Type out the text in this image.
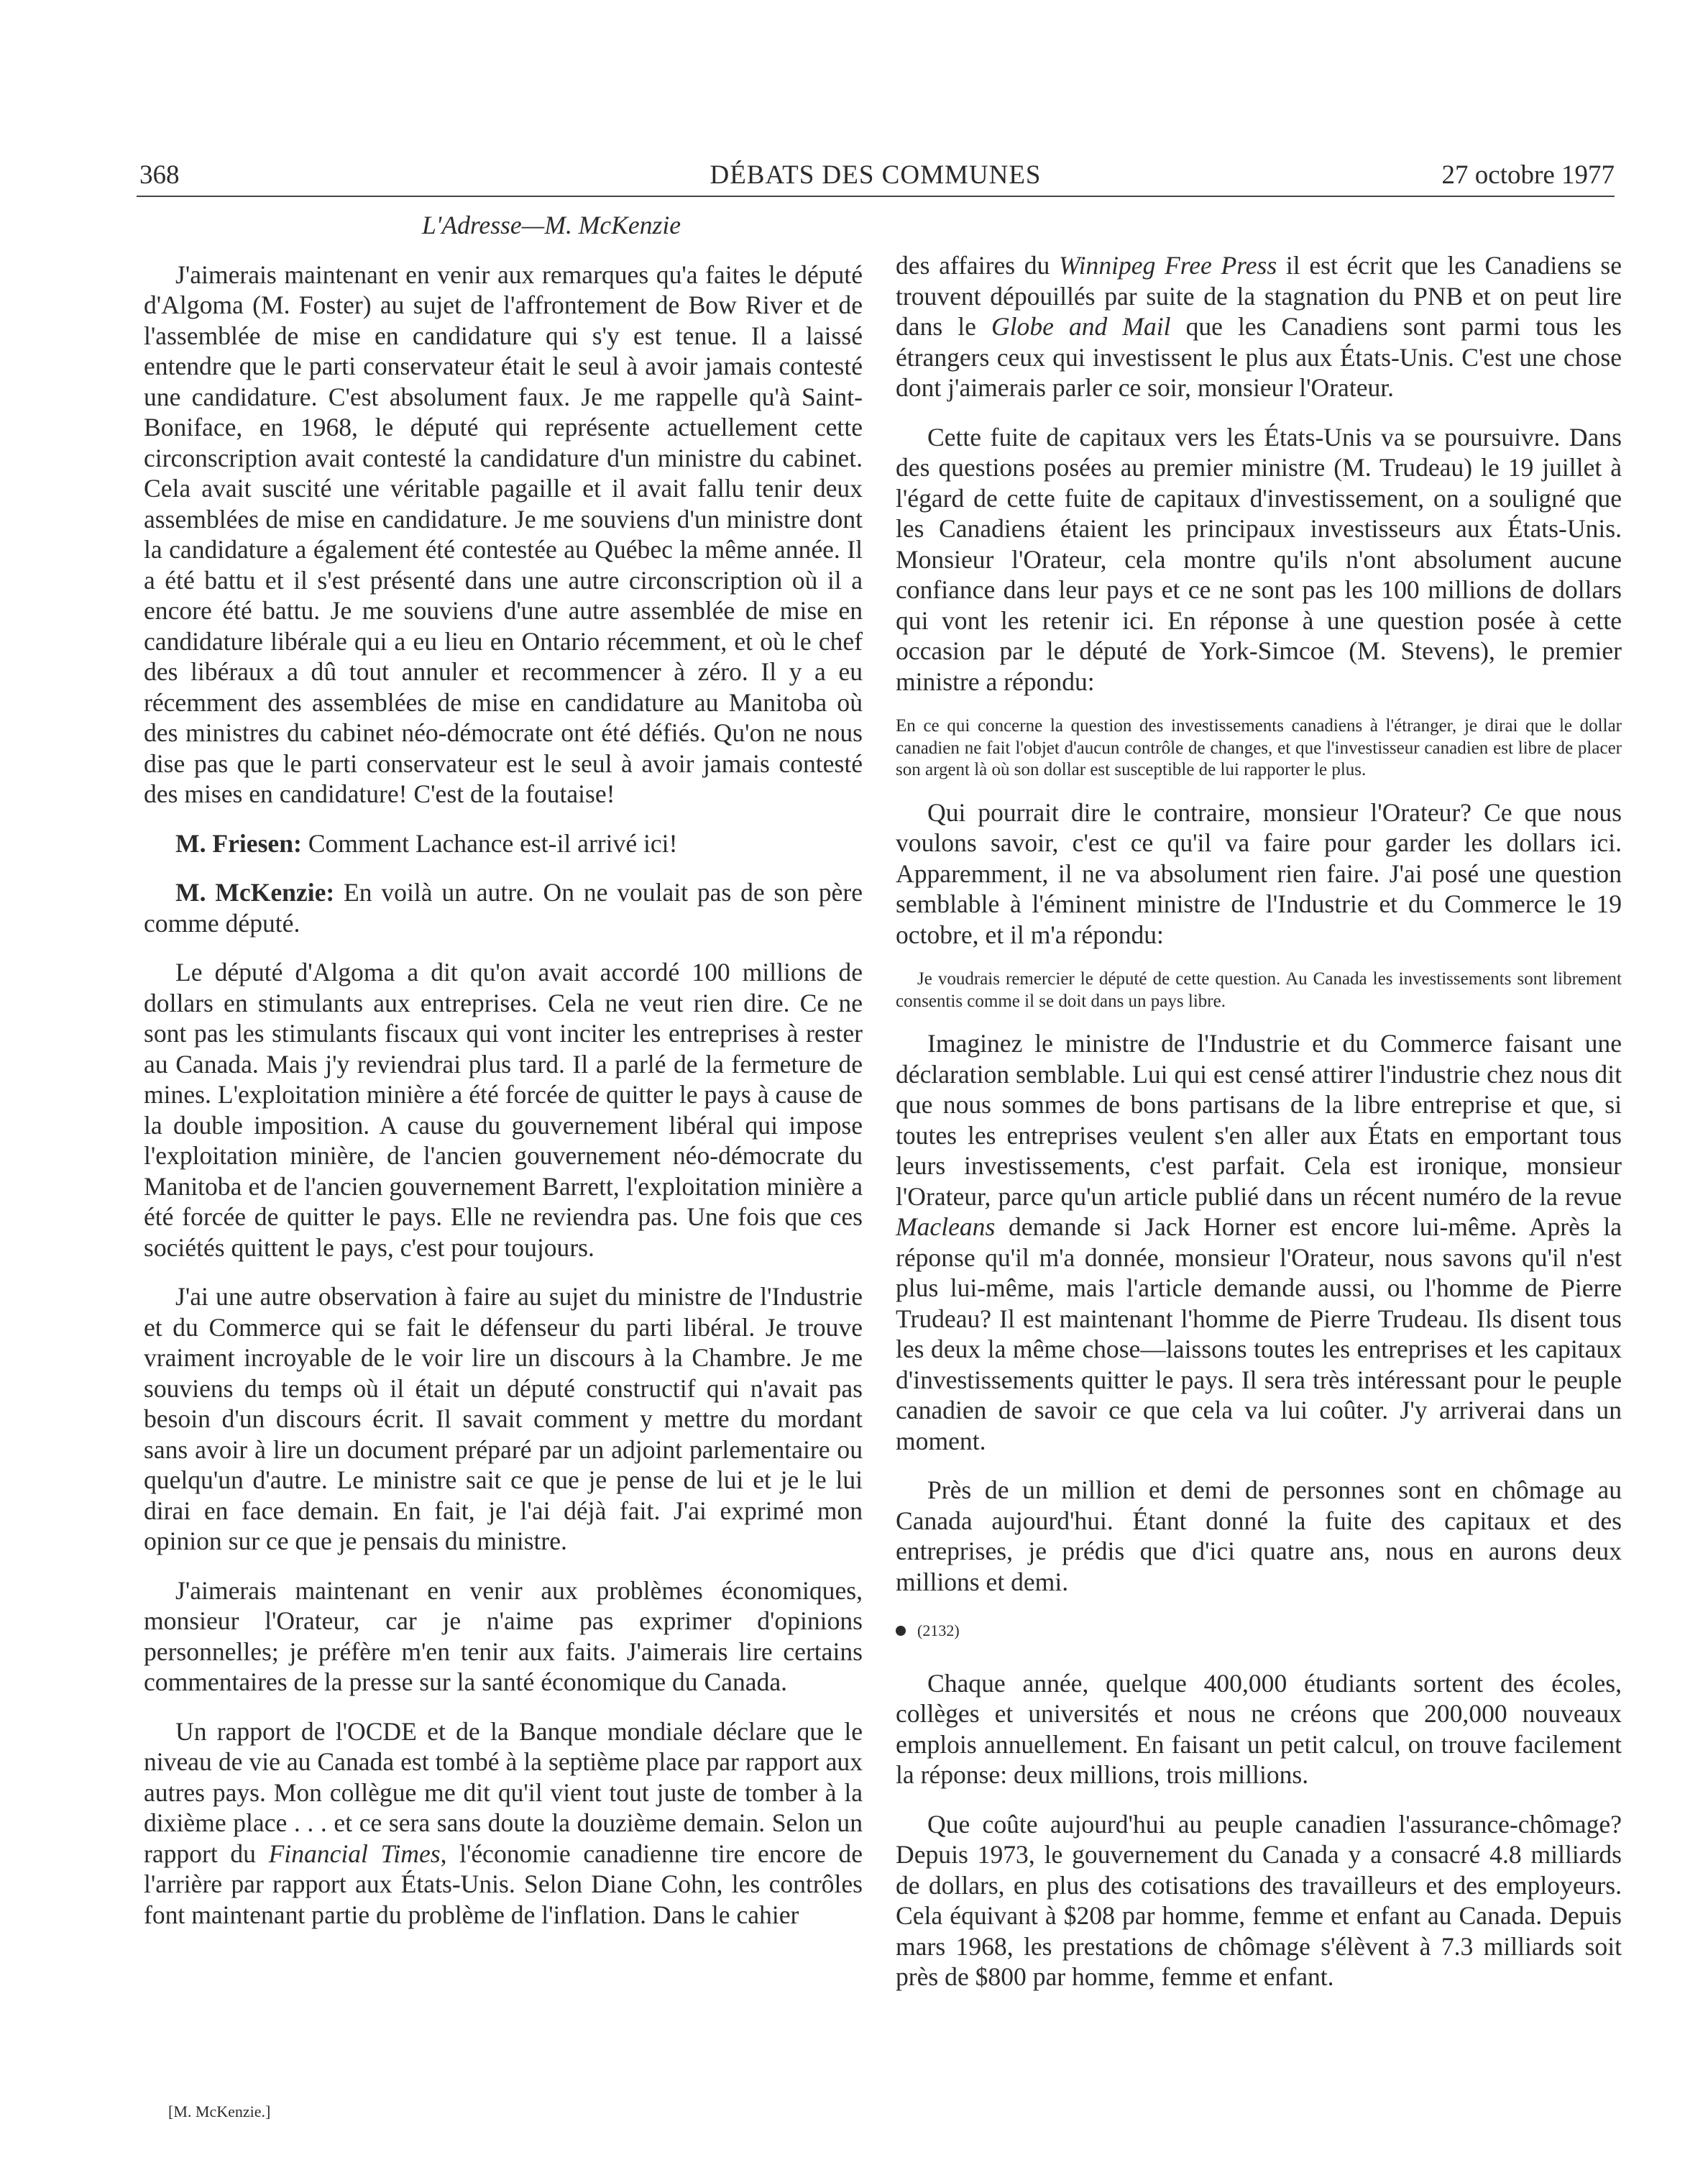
368	DÉBATS DES COMMUNES	27 octobre 1977

L'Adresse—M. McKenzie

J'aimerais maintenant en venir aux remarques qu'a faites le député d'Algoma (M. Foster) au sujet de l'affrontement de Bow River et de l'assemblée de mise en candidature qui s'y est tenue. Il a laissé entendre que le parti conservateur était le seul à avoir jamais contesté une candidature. C'est absolument faux. Je me rappelle qu'à Saint-Boniface, en 1968, le député qui représente actuellement cette circonscription avait contesté la candidature d'un ministre du cabinet. Cela avait suscité une véritable pagaille et il avait fallu tenir deux assemblées de mise en candidature. Je me souviens d'un ministre dont la candidature a également été contestée au Québec la même année. Il a été battu et il s'est présenté dans une autre circonscription où il a encore été battu. Je me souviens d'une autre assemblée de mise en candidature libérale qui a eu lieu en Ontario récemment, et où le chef des libéraux a dû tout annuler et recommencer à zéro. Il y a eu récemment des assemblées de mise en candidature au Manitoba où des ministres du cabinet néo-démocrate ont été défiés. Qu'on ne nous dise pas que le parti conservateur est le seul à avoir jamais contesté des mises en candidature! C'est de la foutaise!

M. Friesen: Comment Lachance est-il arrivé ici!

M. McKenzie: En voilà un autre. On ne voulait pas de son père comme député.

Le député d'Algoma a dit qu'on avait accordé 100 millions de dollars en stimulants aux entreprises. Cela ne veut rien dire. Ce ne sont pas les stimulants fiscaux qui vont inciter les entreprises à rester au Canada. Mais j'y reviendrai plus tard. Il a parlé de la fermeture de mines. L'exploitation minière a été forcée de quitter le pays à cause de la double imposition. A cause du gouvernement libéral qui impose l'exploitation minière, de l'ancien gouvernement néo-démocrate du Manitoba et de l'ancien gouvernement Barrett, l'exploitation minière a été forcée de quitter le pays. Elle ne reviendra pas. Une fois que ces sociétés quittent le pays, c'est pour toujours.

J'ai une autre observation à faire au sujet du ministre de l'Industrie et du Commerce qui se fait le défenseur du parti libéral. Je trouve vraiment incroyable de le voir lire un discours à la Chambre. Je me souviens du temps où il était un député constructif qui n'avait pas besoin d'un discours écrit. Il savait comment y mettre du mordant sans avoir à lire un document préparé par un adjoint parlementaire ou quelqu'un d'autre. Le ministre sait ce que je pense de lui et je le lui dirai en face demain. En fait, je l'ai déjà fait. J'ai exprimé mon opinion sur ce que je pensais du ministre.

J'aimerais maintenant en venir aux problèmes économiques, monsieur l'Orateur, car je n'aime pas exprimer d'opinions personnelles; je préfère m'en tenir aux faits. J'aimerais lire certains commentaires de la presse sur la santé économique du Canada.

Un rapport de l'OCDE et de la Banque mondiale déclare que le niveau de vie au Canada est tombé à la septième place par rapport aux autres pays. Mon collègue me dit qu'il vient tout juste de tomber à la dixième place . . . et ce sera sans doute la douzième demain. Selon un rapport du Financial Times, l'économie canadienne tire encore de l'arrière par rapport aux États-Unis. Selon Diane Cohn, les contrôles font maintenant partie du problème de l'inflation. Dans le cahier

des affaires du Winnipeg Free Press il est écrit que les Canadiens se trouvent dépouillés par suite de la stagnation du PNB et on peut lire dans le Globe and Mail que les Canadiens sont parmi tous les étrangers ceux qui investissent le plus aux États-Unis. C'est une chose dont j'aimerais parler ce soir, monsieur l'Orateur.

Cette fuite de capitaux vers les États-Unis va se poursuivre. Dans des questions posées au premier ministre (M. Trudeau) le 19 juillet à l'égard de cette fuite de capitaux d'investissement, on a souligné que les Canadiens étaient les principaux investisseurs aux États-Unis. Monsieur l'Orateur, cela montre qu'ils n'ont absolument aucune confiance dans leur pays et ce ne sont pas les 100 millions de dollars qui vont les retenir ici. En réponse à une question posée à cette occasion par le député de York-Simcoe (M. Stevens), le premier ministre a répondu:

En ce qui concerne la question des investissements canadiens à l'étranger, je dirai que le dollar canadien ne fait l'objet d'aucun contrôle de changes, et que l'investisseur canadien est libre de placer son argent là où son dollar est susceptible de lui rapporter le plus.

Qui pourrait dire le contraire, monsieur l'Orateur? Ce que nous voulons savoir, c'est ce qu'il va faire pour garder les dollars ici. Apparemment, il ne va absolument rien faire. J'ai posé une question semblable à l'éminent ministre de l'Industrie et du Commerce le 19 octobre, et il m'a répondu:

Je voudrais remercier le député de cette question. Au Canada les investissements sont librement consentis comme il se doit dans un pays libre.

Imaginez le ministre de l'Industrie et du Commerce faisant une déclaration semblable. Lui qui est censé attirer l'industrie chez nous dit que nous sommes de bons partisans de la libre entreprise et que, si toutes les entreprises veulent s'en aller aux États en emportant tous leurs investissements, c'est parfait. Cela est ironique, monsieur l'Orateur, parce qu'un article publié dans un récent numéro de la revue Macleans demande si Jack Horner est encore lui-même. Après la réponse qu'il m'a donnée, monsieur l'Orateur, nous savons qu'il n'est plus lui-même, mais l'article demande aussi, ou l'homme de Pierre Trudeau? Il est maintenant l'homme de Pierre Trudeau. Ils disent tous les deux la même chose—laissons toutes les entreprises et les capitaux d'investissements quitter le pays. Il sera très intéressant pour le peuple canadien de savoir ce que cela va lui coûter. J'y arriverai dans un moment.

Près de un million et demi de personnes sont en chômage au Canada aujourd'hui. Étant donné la fuite des capitaux et des entreprises, je prédis que d'ici quatre ans, nous en aurons deux millions et demi.

(2132)

Chaque année, quelque 400,000 étudiants sortent des écoles, collèges et universités et nous ne créons que 200,000 nouveaux emplois annuellement. En faisant un petit calcul, on trouve facilement la réponse: deux millions, trois millions.

Que coûte aujourd'hui au peuple canadien l'assurance-chômage? Depuis 1973, le gouvernement du Canada y a consacré 4.8 milliards de dollars, en plus des cotisations des travailleurs et des employeurs. Cela équivant à $208 par homme, femme et enfant au Canada. Depuis mars 1968, les prestations de chômage s'élèvent à 7.3 milliards soit près de $800 par homme, femme et enfant.

[M. McKenzie.]
